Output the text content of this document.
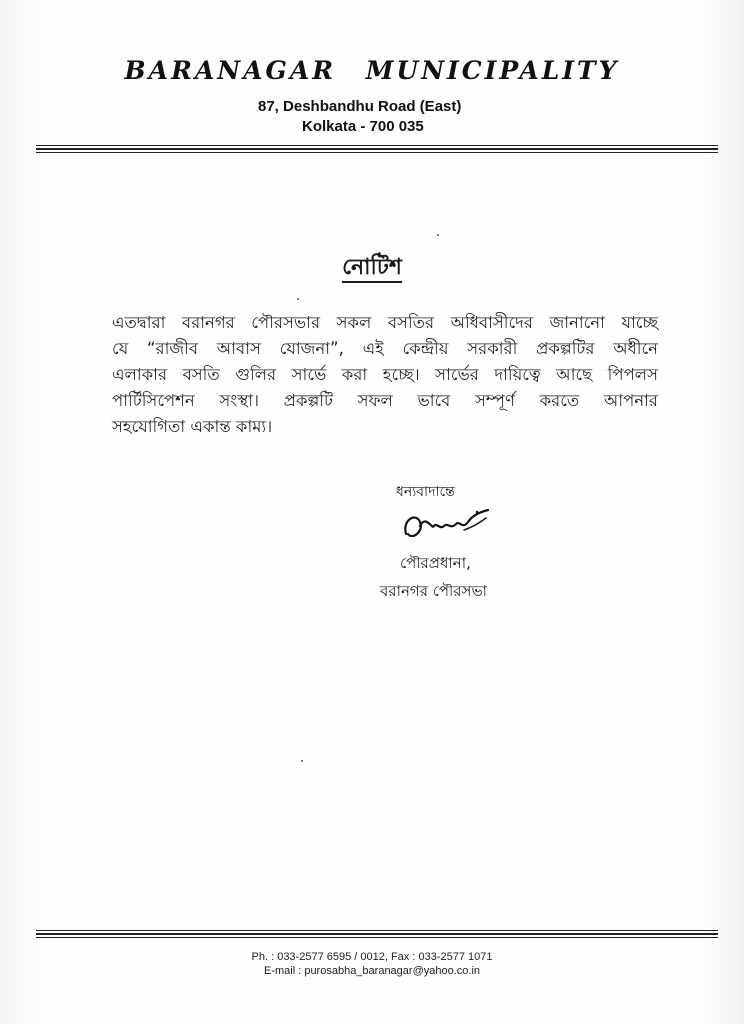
BARANAGAR MUNICIPALITY
87, Deshbandhu Road (East)
Kolkata - 700 035
নোটিশ
এতদ্বারা বরানগর পৌরসভার সকল বসতির অধিবাসীদের জানানো যাচ্ছে
যে “রাজীব আবাস যোজনা”, এই কেন্দ্রীয় সরকারী প্রকল্পটির অধীনে
এলাকার বসতি গুলির সার্ভে করা হচ্ছে। সার্ভের দায়িত্বে আছে পিপলস
পার্টিসিপেশন সংস্থা। প্রকল্পটি সফল ভাবে সম্পূর্ণ করতে আপনার
সহযোগিতা একান্ত কাম্য।
ধন্যবাদান্তে
পৌরপ্রধানা,
বরানগর পৌরসভা
Ph. : 033-2577 6595 / 0012, Fax : 033-2577 1071
E-mail : purosabha_baranagar@yahoo.co.in
